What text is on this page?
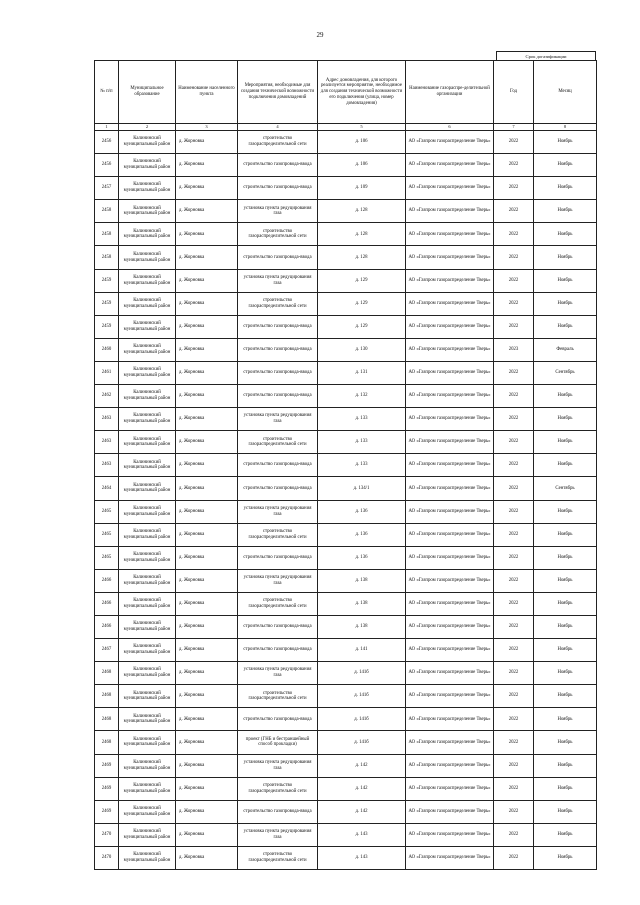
29
Срок догазификации
№ п/п	Муниципальное образование	Наименование населенного пункта	Мероприятия, необходимые для создания технической возможности подключения домовладений	Адрес домовладения, для которого реализуется мероприятие, необходимое для создания технической возможности его подключения (улица, номер домовладения)	Наименование газораспре-делительной организации	Год	Месяц
1	2	3	4	5	6	7	8
2456	Калининский муниципальный район	д. Жорновка	строительство газораспределительной сети	д. 106	АО «Газпром газораспределение Тверь»	2022	Ноябрь
2456	Калининский муниципальный район	д. Жорновка	строительство газопровода-ввода	д. 106	АО «Газпром газораспределение Тверь»	2022	Ноябрь
2457	Калининский муниципальный район	д. Жорновка	строительство газопровода-ввода	д. 109	АО «Газпром газораспределение Тверь»	2022	Ноябрь
2458	Калининский муниципальный район	д. Жорновка	установка пункта редуцирования газа	д. 128	АО «Газпром газораспределение Тверь»	2022	Ноябрь
2458	Калининский муниципальный район	д. Жорновка	строительство газораспределительной сети	д. 128	АО «Газпром газораспределение Тверь»	2022	Ноябрь
2458	Калининский муниципальный район	д. Жорновка	строительство газопровода-ввода	д. 128	АО «Газпром газораспределение Тверь»	2022	Ноябрь
2459	Калининский муниципальный район	д. Жорновка	установка пункта редуцирования газа	д. 129	АО «Газпром газораспределение Тверь»	2022	Ноябрь
2459	Калининский муниципальный район	д. Жорновка	строительство газораспределительной сети	д. 129	АО «Газпром газораспределение Тверь»	2022	Ноябрь
2459	Калининский муниципальный район	д. Жорновка	строительство газопровода-ввода	д. 129	АО «Газпром газораспределение Тверь»	2022	Ноябрь
2460	Калининский муниципальный район	д. Жорновка	строительство газопровода-ввода	д. 130	АО «Газпром газораспределение Тверь»	2023	Февраль
2461	Калининский муниципальный район	д. Жорновка	строительство газопровода-ввода	д. 131	АО «Газпром газораспределение Тверь»	2022	Сентябрь
2462	Калининский муниципальный район	д. Жорновка	строительство газопровода-ввода	д. 132	АО «Газпром газораспределение Тверь»	2022	Ноябрь
2463	Калининский муниципальный район	д. Жорновка	установка пункта редуцирования газа	д. 133	АО «Газпром газораспределение Тверь»	2022	Ноябрь
2463	Калининский муниципальный район	д. Жорновка	строительство газораспределительной сети	д. 133	АО «Газпром газораспределение Тверь»	2022	Ноябрь
2463	Калининский муниципальный район	д. Жорновка	строительство газопровода-ввода	д. 133	АО «Газпром газораспределение Тверь»	2022	Ноябрь
2464	Калининский муниципальный район	д. Жорновка	строительство газопровода-ввода	д. 134/1	АО «Газпром газораспределение Тверь»	2022	Сентябрь
2465	Калининский муниципальный район	д. Жорновка	установка пункта редуцирования газа	д. 136	АО «Газпром газораспределение Тверь»	2022	Ноябрь
2465	Калининский муниципальный район	д. Жорновка	строительство газораспределительной сети	д. 136	АО «Газпром газораспределение Тверь»	2022	Ноябрь
2465	Калининский муниципальный район	д. Жорновка	строительство газопровода-ввода	д. 136	АО «Газпром газораспределение Тверь»	2022	Ноябрь
2466	Калининский муниципальный район	д. Жорновка	установка пункта редуцирования газа	д. 138	АО «Газпром газораспределение Тверь»	2022	Ноябрь
2466	Калининский муниципальный район	д. Жорновка	строительство газораспределительной сети	д. 138	АО «Газпром газораспределение Тверь»	2022	Ноябрь
2466	Калининский муниципальный район	д. Жорновка	строительство газопровода-ввода	д. 138	АО «Газпром газораспределение Тверь»	2022	Ноябрь
2467	Калининский муниципальный район	д. Жорновка	строительство газопровода-ввода	д. 141	АО «Газпром газораспределение Тверь»	2022	Ноябрь
2468	Калининский муниципальный район	д. Жорновка	установка пункта редуцирования газа	д. 141б	АО «Газпром газораспределение Тверь»	2022	Ноябрь
2468	Калининский муниципальный район	д. Жорновка	строительство газораспределительной сети	д. 141б	АО «Газпром газораспределение Тверь»	2022	Ноябрь
2468	Калининский муниципальный район	д. Жорновка	строительство газопровода-ввода	д. 141б	АО «Газпром газораспределение Тверь»	2022	Ноябрь
2468	Калининский муниципальный район	д. Жорновка	проект (ГНБ и бестраншейный способ прокладки)	д. 141б	АО «Газпром газораспределение Тверь»	2022	Ноябрь
2469	Калининский муниципальный район	д. Жорновка	установка пункта редуцирования газа	д. 142	АО «Газпром газораспределение Тверь»	2022	Ноябрь
2469	Калининский муниципальный район	д. Жорновка	строительство газораспределительной сети	д. 142	АО «Газпром газораспределение Тверь»	2022	Ноябрь
2469	Калининский муниципальный район	д. Жорновка	строительство газопровода-ввода	д. 142	АО «Газпром газораспределение Тверь»	2022	Ноябрь
2470	Калининский муниципальный район	д. Жорновка	установка пункта редуцирования газа	д. 143	АО «Газпром газораспределение Тверь»	2022	Ноябрь
2470	Калининский муниципальный район	д. Жорновка	строительство газораспределительной сети	д. 143	АО «Газпром газораспределение Тверь»	2022	Ноябрь
